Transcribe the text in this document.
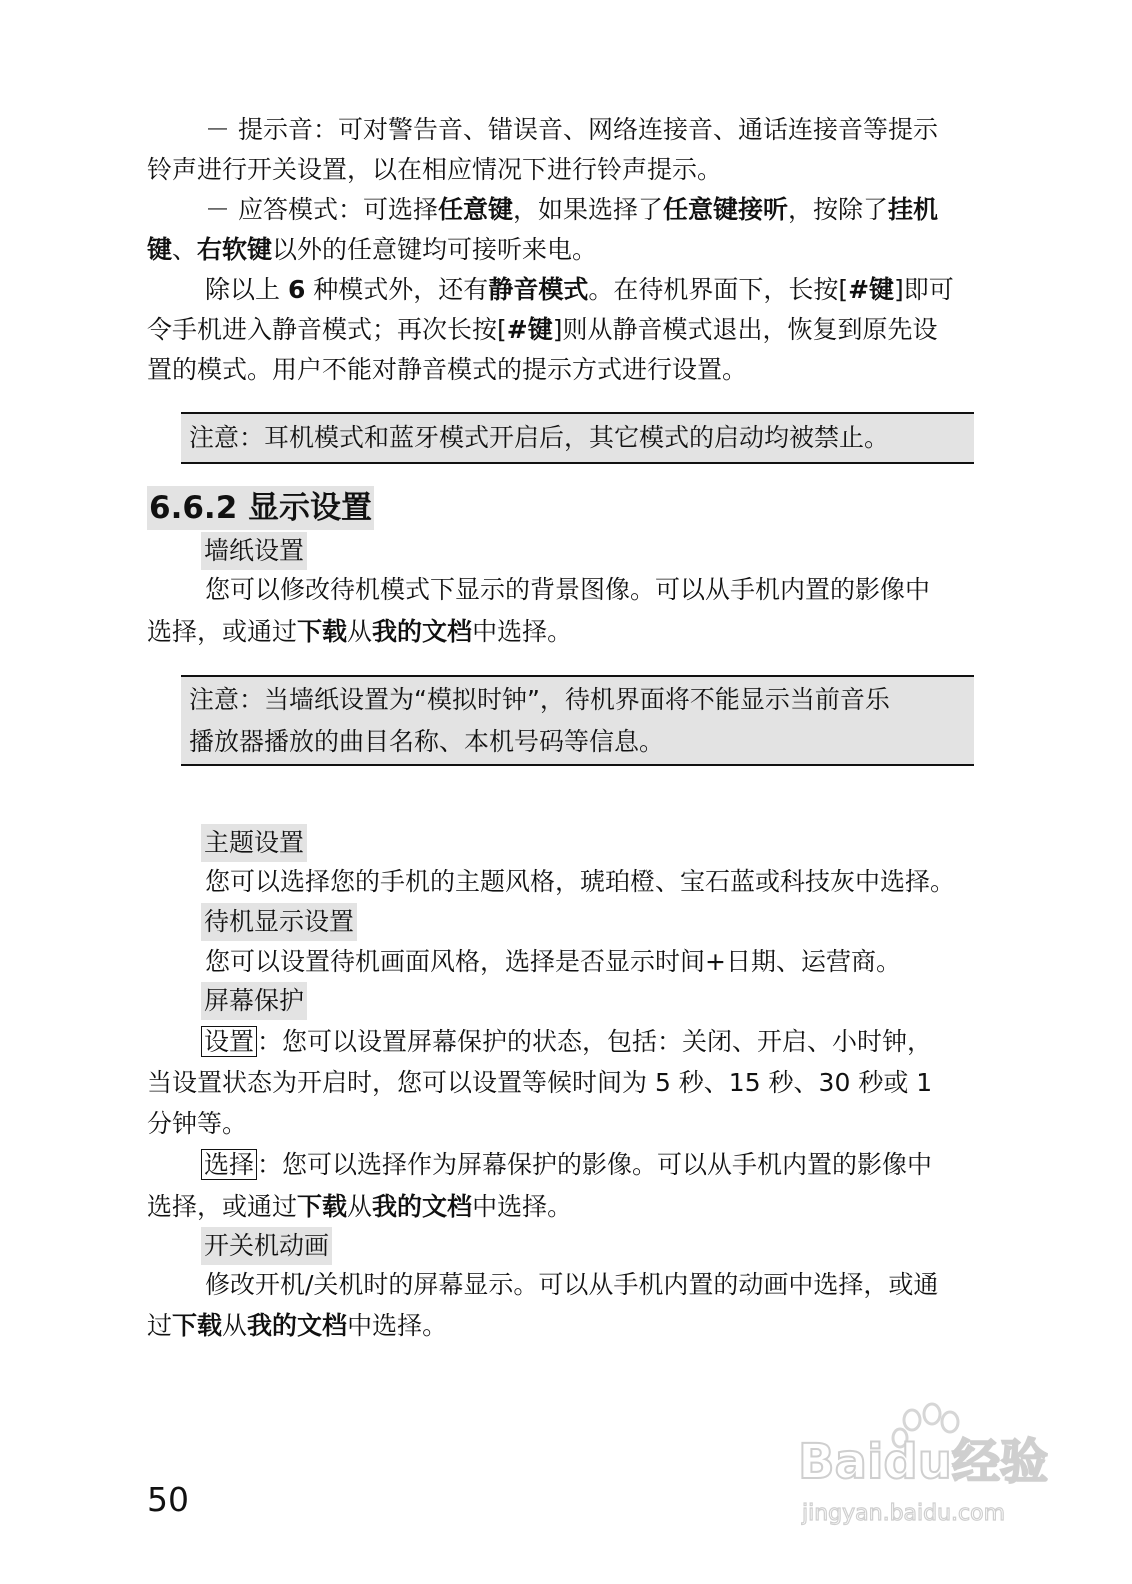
－ 提示音：可对警告音、错误音、网络连接音、通话连接音等提示
铃声进行开关设置，以在相应情况下进行铃声提示。
－ 应答模式：可选择任意键，如果选择了任意键接听，按除了挂机
键、右软键以外的任意键均可接听来电。
除以上 6 种模式外，还有静音模式。在待机界面下，长按[#键]即可
令手机进入静音模式；再次长按[#键]则从静音模式退出，恢复到原先设
置的模式。用户不能对静音模式的提示方式进行设置。
注意：耳机模式和蓝牙模式开启后，其它模式的启动均被禁止。
6.6.2 显示设置
墙纸设置
您可以修改待机模式下显示的背景图像。可以从手机内置的影像中
选择，或通过下载从我的文档中选择。
注意：当墙纸设置为“模拟时钟”，待机界面将不能显示当前音乐
播放器播放的曲目名称、本机号码等信息。
主题设置
您可以选择您的手机的主题风格，琥珀橙、宝石蓝或科技灰中选择。
待机显示设置
您可以设置待机画面风格，选择是否显示时间+日期、运营商。
屏幕保护
设置 ：您可以设置屏幕保护的状态，包括：关闭、开启、小时钟，
当设置状态为开启时，您可以设置等候时间为 5 秒、15 秒、30 秒或 1
分钟等。
选择 ：您可以选择作为屏幕保护的影像。可以从手机内置的影像中
选择，或通过下载从我的文档中选择。
开关机动画
修改开机/关机时的屏幕显示。可以从手机内置的动画中选择，或通
过下载从我的文档中选择。
50
Baidu经验
jingyan.baidu.com
